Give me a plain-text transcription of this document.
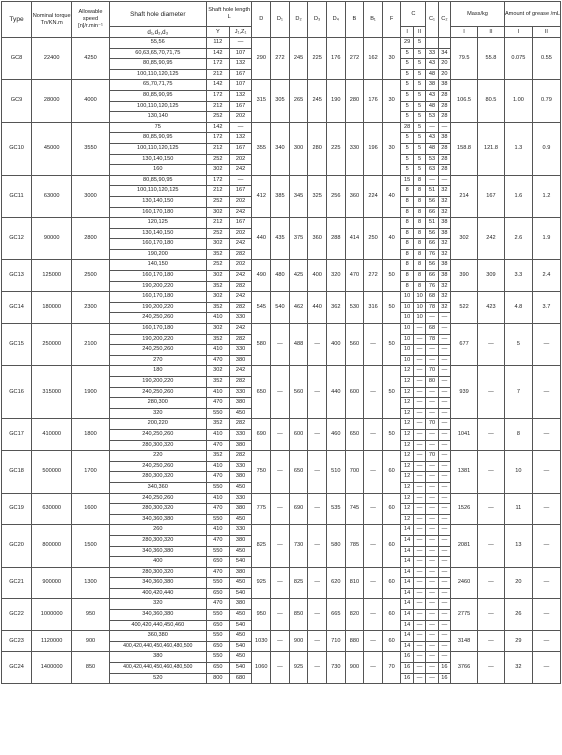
Type	Nominal torque Tn/KN.m	Allowable speed [n]/r.min⁻¹	Shaft hole diameter	Shaft hole length L		D	D₁	D₂	D₃	D₄	B	B₁	F	C		C₁	C₂	Mass/kg		Amount of grease /mL	
			d₁,d₂,d₃	Y	J₁,Z₁									I	II			I	II	I	II
GC8	22400	4250	55,56	112	—	290	272	245	225	176	272	162	30	29	5			79.5	55.8	0.075	0.55
			60,63,65,70,71,75	142	107									5	5	33	34				
			80,85,90,95	172	132									5	5	43	20				
			100,110,120,125	212	167									5	5	48	20				
GC9	28000	4000	65,70,71,75	142	107	315	305	265	245	190	280	176	30	5	5	38	38	106.5	80.5	1.00	0.79
			80,85,90,95	172	132									5	5	43	28				
			100,110,120,125	212	167									5	5	48	28				
			130,140	252	202									5	5	53	28				
GC10	45000	3550	75	142	—	355	340	300	280	225	330	196	30	28	5	—	—	158.8	121.8	1.3	0.9
			80,85,90,95	172	132									5	5	43	38				
			100,110,120,125	212	167									5	5	48	28				
			130,140,150	252	202									5	5	53	28				
			160	302	242									5	5	63	28				
GC11	63000	3000	80,85,90,95	172	—	412	385	345	325	256	360	224	40	15	8	—	—	214	167	1.6	1.2
			100,110,120,125	212	167									8	8	51	32				
			130,140,150	252	202									8	8	56	32				
			160,170,180	302	242									8	8	66	32				
GC12	90000	2800	120,125	212	167	440	435	375	360	288	414	250	40	8	8	51	38	302	242	2.6	1.9
			130,140,150	252	202									8	8	56	38				
			160,170,180	302	242									8	8	66	32				
			190,200	352	282									8	8	76	32				
GC13	125000	2500	140,150	252	202	490	480	425	400	320	470	272	50	8	8	56	38	390	309	3.3	2.4
			160,170,180	302	242									8	8	66	38				
			190,200,220	352	282									8	8	76	32				
GC14	180000	2300	160,170,180	302	242	545	540	462	440	362	530	316	50	10	10	68	32	522	423	4.8	3.7
			190,200,220	352	282									10	10	78	32				
			240,250,260	410	330									10	10	—	—				
GC15	250000	2100	160,170,180	302	242	580	—	488	—	400	560	—	50	10	—	68	—	677	—	5	—
			190,200,220	352	282									10	—	78	—				
			240,250,260	410	330									10	—	—	—				
			270	470	380									10	—	—	—				
GC16	315000	1900	180	302	242	650	—	560	—	440	600	—	50	12	—	70	—	939	—	7	—
			190,200,220	352	282									12	—	80	—				
			240,250,260	410	330									12	—	—	—				
			280,300	470	380									12	—	—	—				
			320	550	450									12	—	—	—				
GC17	410000	1800	200,220	352	282	690	—	600	—	460	650	—	50	12	—	70	—	1041	—	8	—
			240,250,260	410	330									12	—	—	—				
			280,300,320	470	380									12	—	—	—				
GC18	500000	1700	220	352	282	750	—	650	—	510	700	—	60	12	—	70	—	1381	—	10	—
			240,250,260	410	330									12	—	—	—				
			280,300,320	470	380									12	—	—	—				
			340,360	550	450									12	—	—	—				
GC19	630000	1600	240,250,260	410	330	775	—	690	—	535	745	—	60	12	—	—	—	1526	—	11	—
			280,300,320	470	380									12	—	—	—				
			340,360,380	550	450									12	—	—	—				
GC20	800000	1500	260	410	330	825	—	730	—	580	785	—	60	14	—	—	—	2081	—	13	—
			280,300,320	470	380									14	—	—	—				
			340,360,380	550	450									14	—	—	—				
			400	650	540									14	—	—	—				
GC21	900000	1300	280,300,320	470	380	925	—	825	—	620	810	—	60	14	—	—	—	2460	—	20	—
			340,360,380	550	450									14	—	—	—				
			400,420,440	650	540									14	—	—	—				
GC22	1000000	950	320	470	380	950	—	850	—	665	820	—	60	14	—	—	—	2775	—	26	—
			340,360,380	550	450									14	—	—	—				
			400,420,440,450,460	650	540									14	—	—	—				
GC23	1120000	900	360,380	550	450	1030	—	900	—	710	880	—	60	14	—	—	—	3148	—	29	—
			400,420,440,450,460,480,500	650	540									14	—	—	—				
GC24	1400000	850	380	550	450	1060	—	925	—	730	900	—	70	16	—	—	—	3766	—	32	—
			400,420,440,450,460,480,500	650	540									16	—	—	16				
			520	800	680									16	—	—	16				
